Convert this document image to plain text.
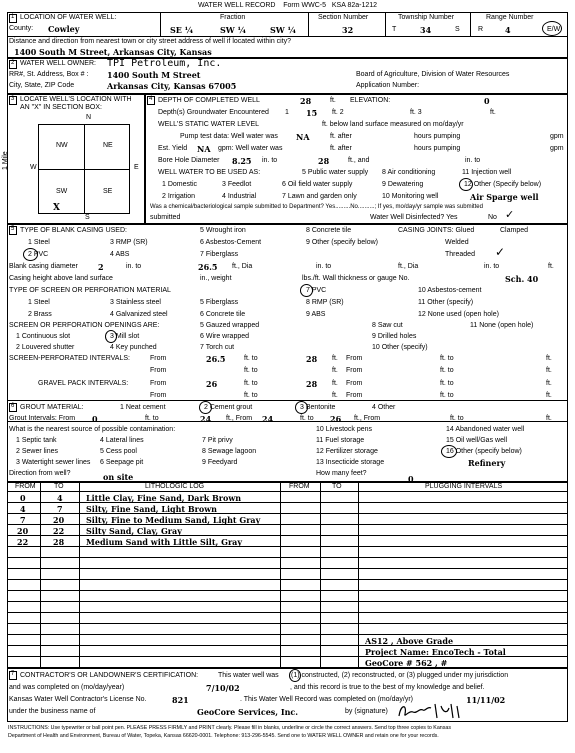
WATER WELL RECORD Form WWC-5 KSA 82a-1212
1 LOCATION OF WATER WELL:
County: Cowley
Fraction
SE ¼	SW ¼	SW ¼
Section Number
32
Township Number
T	34	S
Range Number
R	4	E/W
Distance and direction from nearest town or city street address of well if located within city?
1400 South M Street, Arkansas City, Kansas
2 WATER WELL OWNER: TPI Petroleum, Inc.
RR#, St. Address, Box # : 1400 South M Street
City, State, ZIP Code	Arkansas City, Kansas 67005
Board of Agriculture, Division of Water Resources
Application Number:
3 LOCATE WELL'S LOCATION WITH AN "X" IN SECTION BOX:
N
S
W	E
1 Mile
NW	NE
SW	SE
X
4 DEPTH OF COMPLETED WELL	28	ft. ELEVATION:	0
Depth(s) Groundwater Encountered 1 15 ft. 2	ft. 3	ft.
WELL'S STATIC WATER LEVEL	ft. below land surface measured on mo/day/yr
Pump test data: Well water was NA	ft. after	hours pumping	gpm
Est. Yield NA gpm: Well water was	ft. after	hours pumping	gpm
Bore Hole Diameter 8.25 in. to	28	ft., and	in. to
WELL WATER TO BE USED AS:	5 Public water supply 8 Air conditioning	11 Injection well
1 Domestic	3 Feedlot	6 Oil field water supply	9 Dewatering	12 Other (Specify below)
2 Irrigation	4 Industrial	7 Lawn and garden only	10 Monitoring well	Air Sparge well
Was a chemical/bacteriological sample submitted to Department? Yes.........No..........; If yes, mo/day/yr sample was submitted
submitted	Water Well Disinfected? Yes	No ✓
5 TYPE OF BLANK CASING USED:	5 Wrought iron	8 Concrete tile	CASING JOINTS: Glued	Clamped
1 Steel	3 RMP (SR)	6 Asbestos-Cement	9 Other (specify below)	Welded
2 PVC	4 ABS	7 Fiberglass	Threaded ✓
Blank casing diameter	2	in. to	26.5 ft., Dia	in. to	ft., Dia	in. to	ft.
Casing height above land surface	in., weight	lbs./ft. Wall thickness or gauge No.	Sch. 40
TYPE OF SCREEN OR PERFORATION MATERIAL	7 PVC	10 Asbestos-cement
1 Steel	3 Stainless steel	5 Fiberglass	8 RMP (SR)	11 Other (specify)
2 Brass	4 Galvanized steel	6 Concrete tile	9 ABS	12 None used (open hole)
SCREEN OR PERFORATION OPENINGS ARE:	5 Gauzed wrapped	8 Saw cut	11 None (open hole)
1 Continuous slot	3 Mill slot	6 Wire wrapped	9 Drilled holes
2 Louvered shutter	4 Key punched	7 Torch cut	10 Other (specify)
SCREEN-PERFORATED INTERVALS:	From	26.5	ft. to	28 ft. From	ft. to	ft.
From	ft. to	ft. From	ft. to	ft.
GRAVEL PACK INTERVALS:	From	26	ft. to	28 ft. From	ft. to	ft.
From	ft. to	ft. From	ft. to	ft.
6 GROUT MATERIAL:	1 Neat cement	2 Cement grout	3 Bentonite	4 Other
Grout Intervals: From 0	ft. to	24 ft., From 24	ft. to 26 ft., From	ft. to	ft.
What is the nearest source of possible contamination:	10 Livestock pens	14 Abandoned water well
1 Septic tank	4 Lateral lines	7 Pit privy	11 Fuel storage	15 Oil well/Gas well
2 Sewer lines	5 Cess pool	8 Sewage lagoon	12 Fertilizer storage	16 Other (specify below)
3 Watertight sewer lines 6 Seepage pit	9 Feedyard	13 Insecticide storage	Refinery
Direction from well?	on site	How many feet?
0
FROM	TO	LITHOLOGIC LOG	FROM	TO	PLUGGING INTERVALS
0	4	Little Clay, Fine Sand, Dark Brown
4	7	Silty, Fine Sand, Light Brown
7	20	Silty, Fine to Medium Sand, Light Gray
20	22	Silty Sand, Clay, Gray
22	28	Medium Sand with Little Silt, Gray
AS12 , Above Grade
Project Name: EncoTech - Total
GeoCore # 562 , #
7 CONTRACTOR'S OR LANDOWNER'S CERTIFICATION:	This water well was (1) constructed, (2) reconstructed, or (3) plugged under my jurisdiction
and was completed on (mo/day/year)	7/10/02	, and this record is true to the best of my knowledge and belief.
Kansas Water Well Contractor's License No.	821	. This Water Well Record was completed on (mo/day/yr)	11/11/02
under the business name of	GeoCore Services, Inc.	by (signature)
INSTRUCTIONS: Use typewriter or ball point pen. PLEASE PRESS FIRMLY and PRINT clearly. Please fill in blanks, underline or circle the correct answers. Send top three copies to Kansas
Department of Health and Environment, Bureau of Water, Topeka, Kansas 66620-0001. Telephone: 913-296-5545. Send one to WATER WELL OWNER and retain one for your records.
